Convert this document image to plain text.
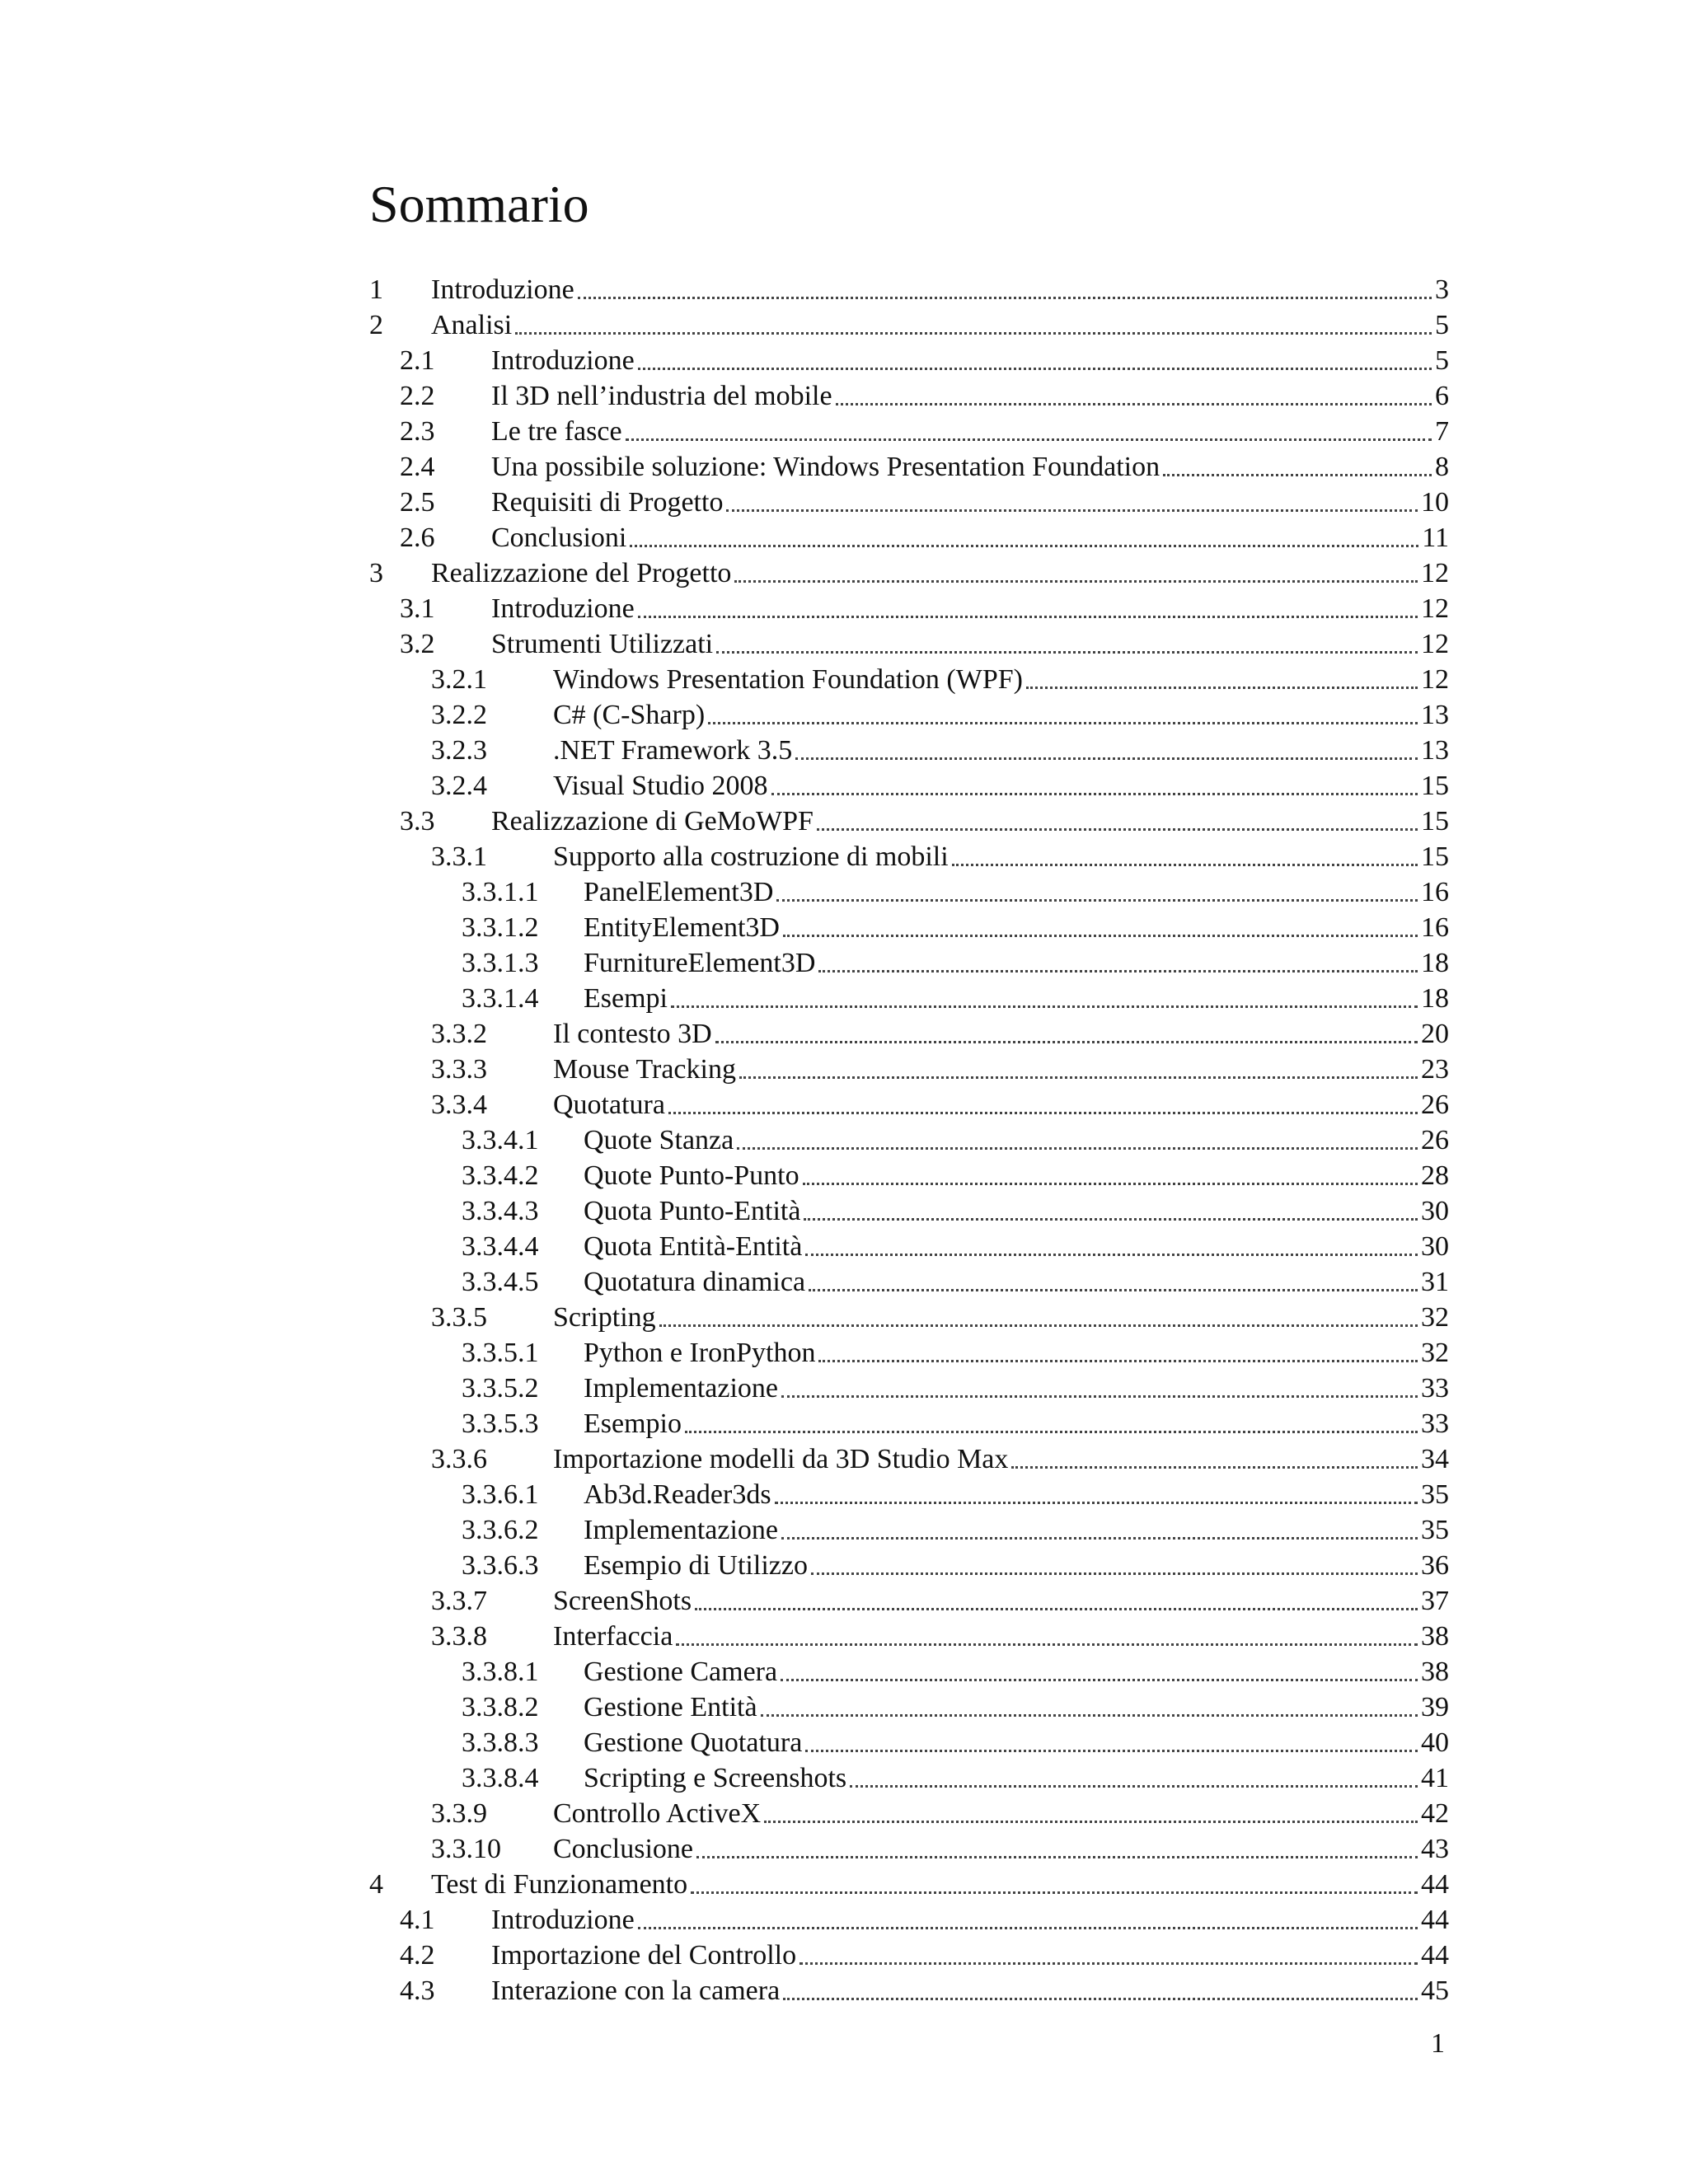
Sommario
1	Introduzione	3
2	Analisi	5
2.1	Introduzione	5
2.2	Il 3D nell’industria del mobile	6
2.3	Le tre fasce	7
2.4	Una possibile soluzione: Windows Presentation Foundation	8
2.5	Requisiti di Progetto	10
2.6	Conclusioni	11
3	Realizzazione del Progetto	12
3.1	Introduzione	12
3.2	Strumenti Utilizzati	12
3.2.1	Windows Presentation Foundation (WPF)	12
3.2.2	C# (C-Sharp)	13
3.2.3	.NET Framework 3.5	13
3.2.4	Visual Studio 2008	15
3.3	Realizzazione di GeMoWPF	15
3.3.1	Supporto alla costruzione di mobili	15
3.3.1.1	PanelElement3D	16
3.3.1.2	EntityElement3D	16
3.3.1.3	FurnitureElement3D	18
3.3.1.4	Esempi	18
3.3.2	Il contesto 3D	20
3.3.3	Mouse Tracking	23
3.3.4	Quotatura	26
3.3.4.1	Quote Stanza	26
3.3.4.2	Quote Punto-Punto	28
3.3.4.3	Quota Punto-Entità	30
3.3.4.4	Quota Entità-Entità	30
3.3.4.5	Quotatura dinamica	31
3.3.5	Scripting	32
3.3.5.1	Python e IronPython	32
3.3.5.2	Implementazione	33
3.3.5.3	Esempio	33
3.3.6	Importazione modelli da 3D Studio Max	34
3.3.6.1	Ab3d.Reader3ds	35
3.3.6.2	Implementazione	35
3.3.6.3	Esempio di Utilizzo	36
3.3.7	ScreenShots	37
3.3.8	Interfaccia	38
3.3.8.1	Gestione Camera	38
3.3.8.2	Gestione Entità	39
3.3.8.3	Gestione Quotatura	40
3.3.8.4	Scripting e Screenshots	41
3.3.9	Controllo ActiveX	42
3.3.10	Conclusione	43
4	Test di Funzionamento	44
4.1	Introduzione	44
4.2	Importazione del Controllo	44
4.3	Interazione con la camera	45
1
